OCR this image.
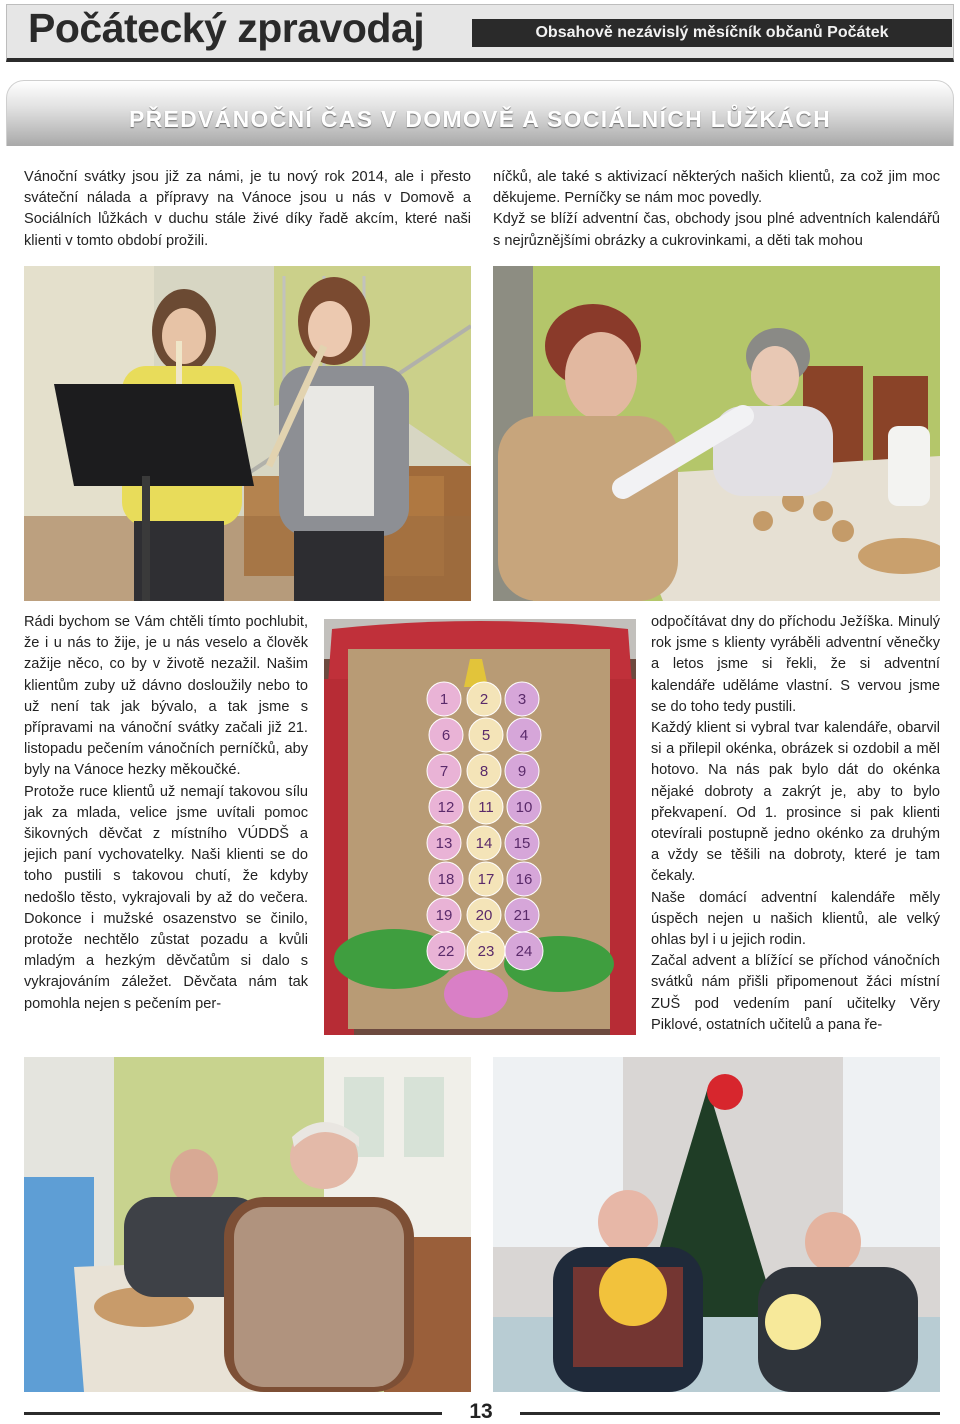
Počátecký zpravodaj	Obsahově nezávislý měsíčník občanů Počátek
PŘEDVÁNOČNÍ ČAS V DOMOVĚ A SOCIÁLNÍCH LŮŽKÁCH

Vánoční svátky jsou již za námi, je tu nový rok 2014, ale i přesto sváteční nálada a přípravy na Vánoce jsou u nás v Domově a Sociálních lůžkách v duchu stále živé díky řadě akcím, které naši klienti v tomto období prožili.

níčků, ale také s aktivizací některých našich klientů, za což jim moc děkujeme. Perníčky se nám moc povedly.

Když se blíží adventní čas, obchody jsou plné adventních kalendářů s nejrůznějšími obrázky a cukrovinkami, a děti tak mohou

Rádi bychom se Vám chtěli tímto pochlubit, že i u nás to žije, je u nás veselo a člověk zažije něco, co by v životě nezažil. Našim klientům zuby už dávno dosloužily nebo to už není tak jak bývalo, a tak jsme s přípravami na vánoční svátky začali již 21. listopadu pečením vánočních perníčků, aby byly na Vánoce hezky měkoučké.

Protože ruce klientů už nemají takovou sílu jak za mlada, velice jsme uvítali pomoc šikovných děvčat z místního VÚDDŠ a jejich paní vychovatelky. Naši klienti se do toho pustili s takovou chutí, že kdyby nedošlo těsto, vykrajovali by až do večera. Dokonce i mužské osazenstvo se činilo, protože nechtělo zůstat pozadu a kvůli mladým a hezkým děvčatům si dalo s vykrajováním záležet. Děvčata nám tak pomohla nejen s pečením per-

1 2 3
6 5 4
7 8 9
12 11 10
13 14 15
18 17 16
19 20 21
22 23 24

odpočítávat dny do příchodu Ježíška. Minulý rok jsme s klienty vyráběli adventní věnečky a letos jsme si řekli, že si adventní kalendáře uděláme vlastní. S vervou jsme se do toho tedy pustili.

Každý klient si vybral tvar kalendáře, obarvil si a přilepil okénka, obrázek si ozdobil a měl hotovo. Na nás pak bylo dát do okénka nějaké dobroty a zakrýt je, aby to bylo překvapení. Od 1. prosince si pak klienti otevírali postupně jedno okénko za druhým a vždy se těšili na dobroty, které je tam čekaly.

Naše domácí adventní kalendáře měly úspěch nejen u našich klientů, ale velký ohlas byl i u jejich rodin.

Začal advent a blížící se příchod vánočních svátků nám přišli připomenout žáci místní ZUŠ pod vedením paní učitelky Věry Piklové, ostatních učitelů a pana ře-

13
